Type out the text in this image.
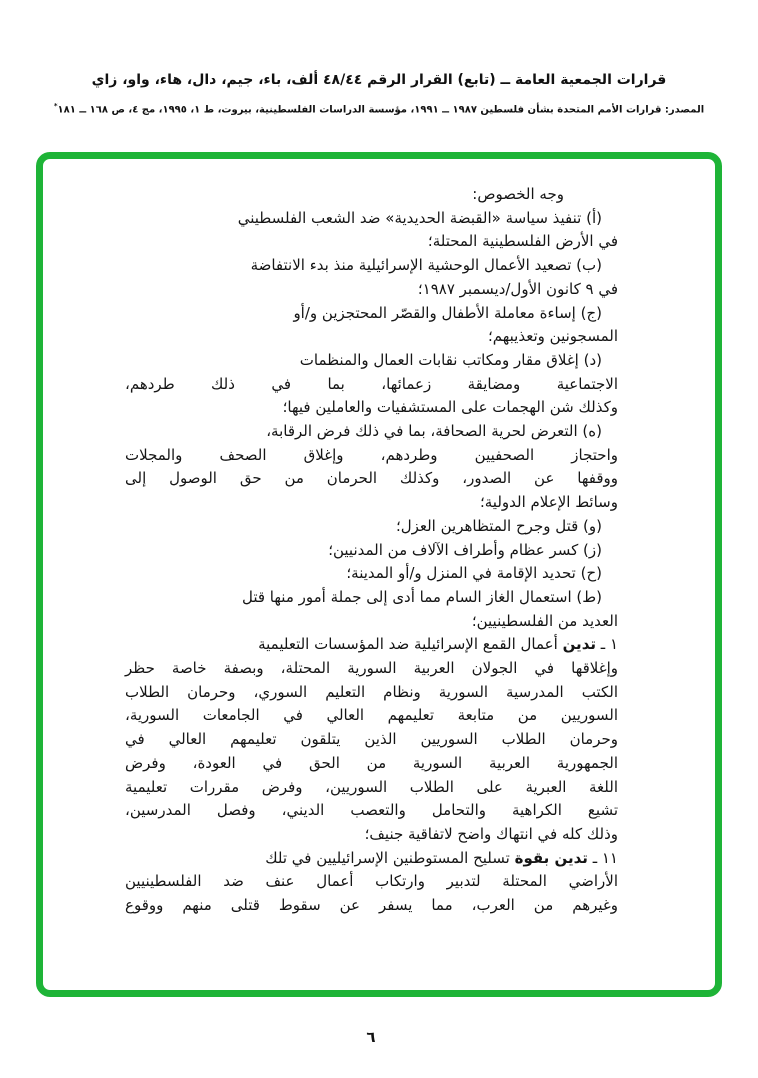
قرارات الجمعية العامة ــ (تابع) القرار الرقم ٤٨/٤٤ ألف، باء، جيم، دال، هاء، واو، زاي
المصدر: قرارات الأمم المتحدة بشأن فلسطين ١٩٨٧ ــ ١٩٩١، مؤسسة الدراسات الفلسطينية، بيروت، ط ١، ١٩٩٥، مج ٤، ص ١٦٨ ــ ١٨١*
وجه الخصوص:
(أ) تنفيذ سياسة «القبضة الحديدية» ضد الشعب الفلسطيني
في الأرض الفلسطينية المحتلة؛
(ب) تصعيد الأعمال الوحشية الإسرائيلية منذ بدء الانتفاضة
في ٩ كانون الأول/ديسمبر ١٩٨٧؛
(ج) إساءة معاملة الأطفال والقصّر المحتجزين و/أو
المسجونين وتعذيبهم؛
(د) إغلاق مقار ومكاتب نقابات العمال والمنظمات
الاجتماعية ومضايقة زعمائها، بما في ذلك طردهم،
وكذلك شن الهجمات على المستشفيات والعاملين فيها؛
(ه) التعرض لحرية الصحافة، بما في ذلك فرض الرقابة،
واحتجاز الصحفيين وطردهم، وإغلاق الصحف والمجلات
ووقفها عن الصدور، وكذلك الحرمان من حق الوصول إلى
وسائط الإعلام الدولية؛
(و) قتل وجرح المتظاهرين العزل؛
(ز) كسر عظام وأطراف الآلاف من المدنيين؛
(ح) تحديد الإقامة في المنزل و/أو المدينة؛
(ط) استعمال الغاز السام مما أدى إلى جملة أمور منها قتل
العديد من الفلسطينيين؛
١ ـ تدين أعمال القمع الإسرائيلية ضد المؤسسات التعليمية
وإغلاقها في الجولان العربية السورية المحتلة، وبصفة خاصة حظر
الكتب المدرسية السورية ونظام التعليم السوري، وحرمان الطلاب
السوريين من متابعة تعليمهم العالي في الجامعات السورية،
وحرمان الطلاب السوريين الذين يتلقون تعليمهم العالي في
الجمهورية العربية السورية من الحق في العودة، وفرض
اللغة العبرية على الطلاب السوريين، وفرض مقررات تعليمية
تشيع الكراهية والتحامل والتعصب الديني، وفصل المدرسين،
وذلك كله في انتهاك واضح لاتفاقية جنيف؛
١١ ـ تدين بقوة تسليح المستوطنين الإسرائيليين في تلك
الأراضي المحتلة لتدبير وارتكاب أعمال عنف ضد الفلسطينيين
وغيرهم من العرب، مما يسفر عن سقوط قتلى منهم ووقوع
٦
